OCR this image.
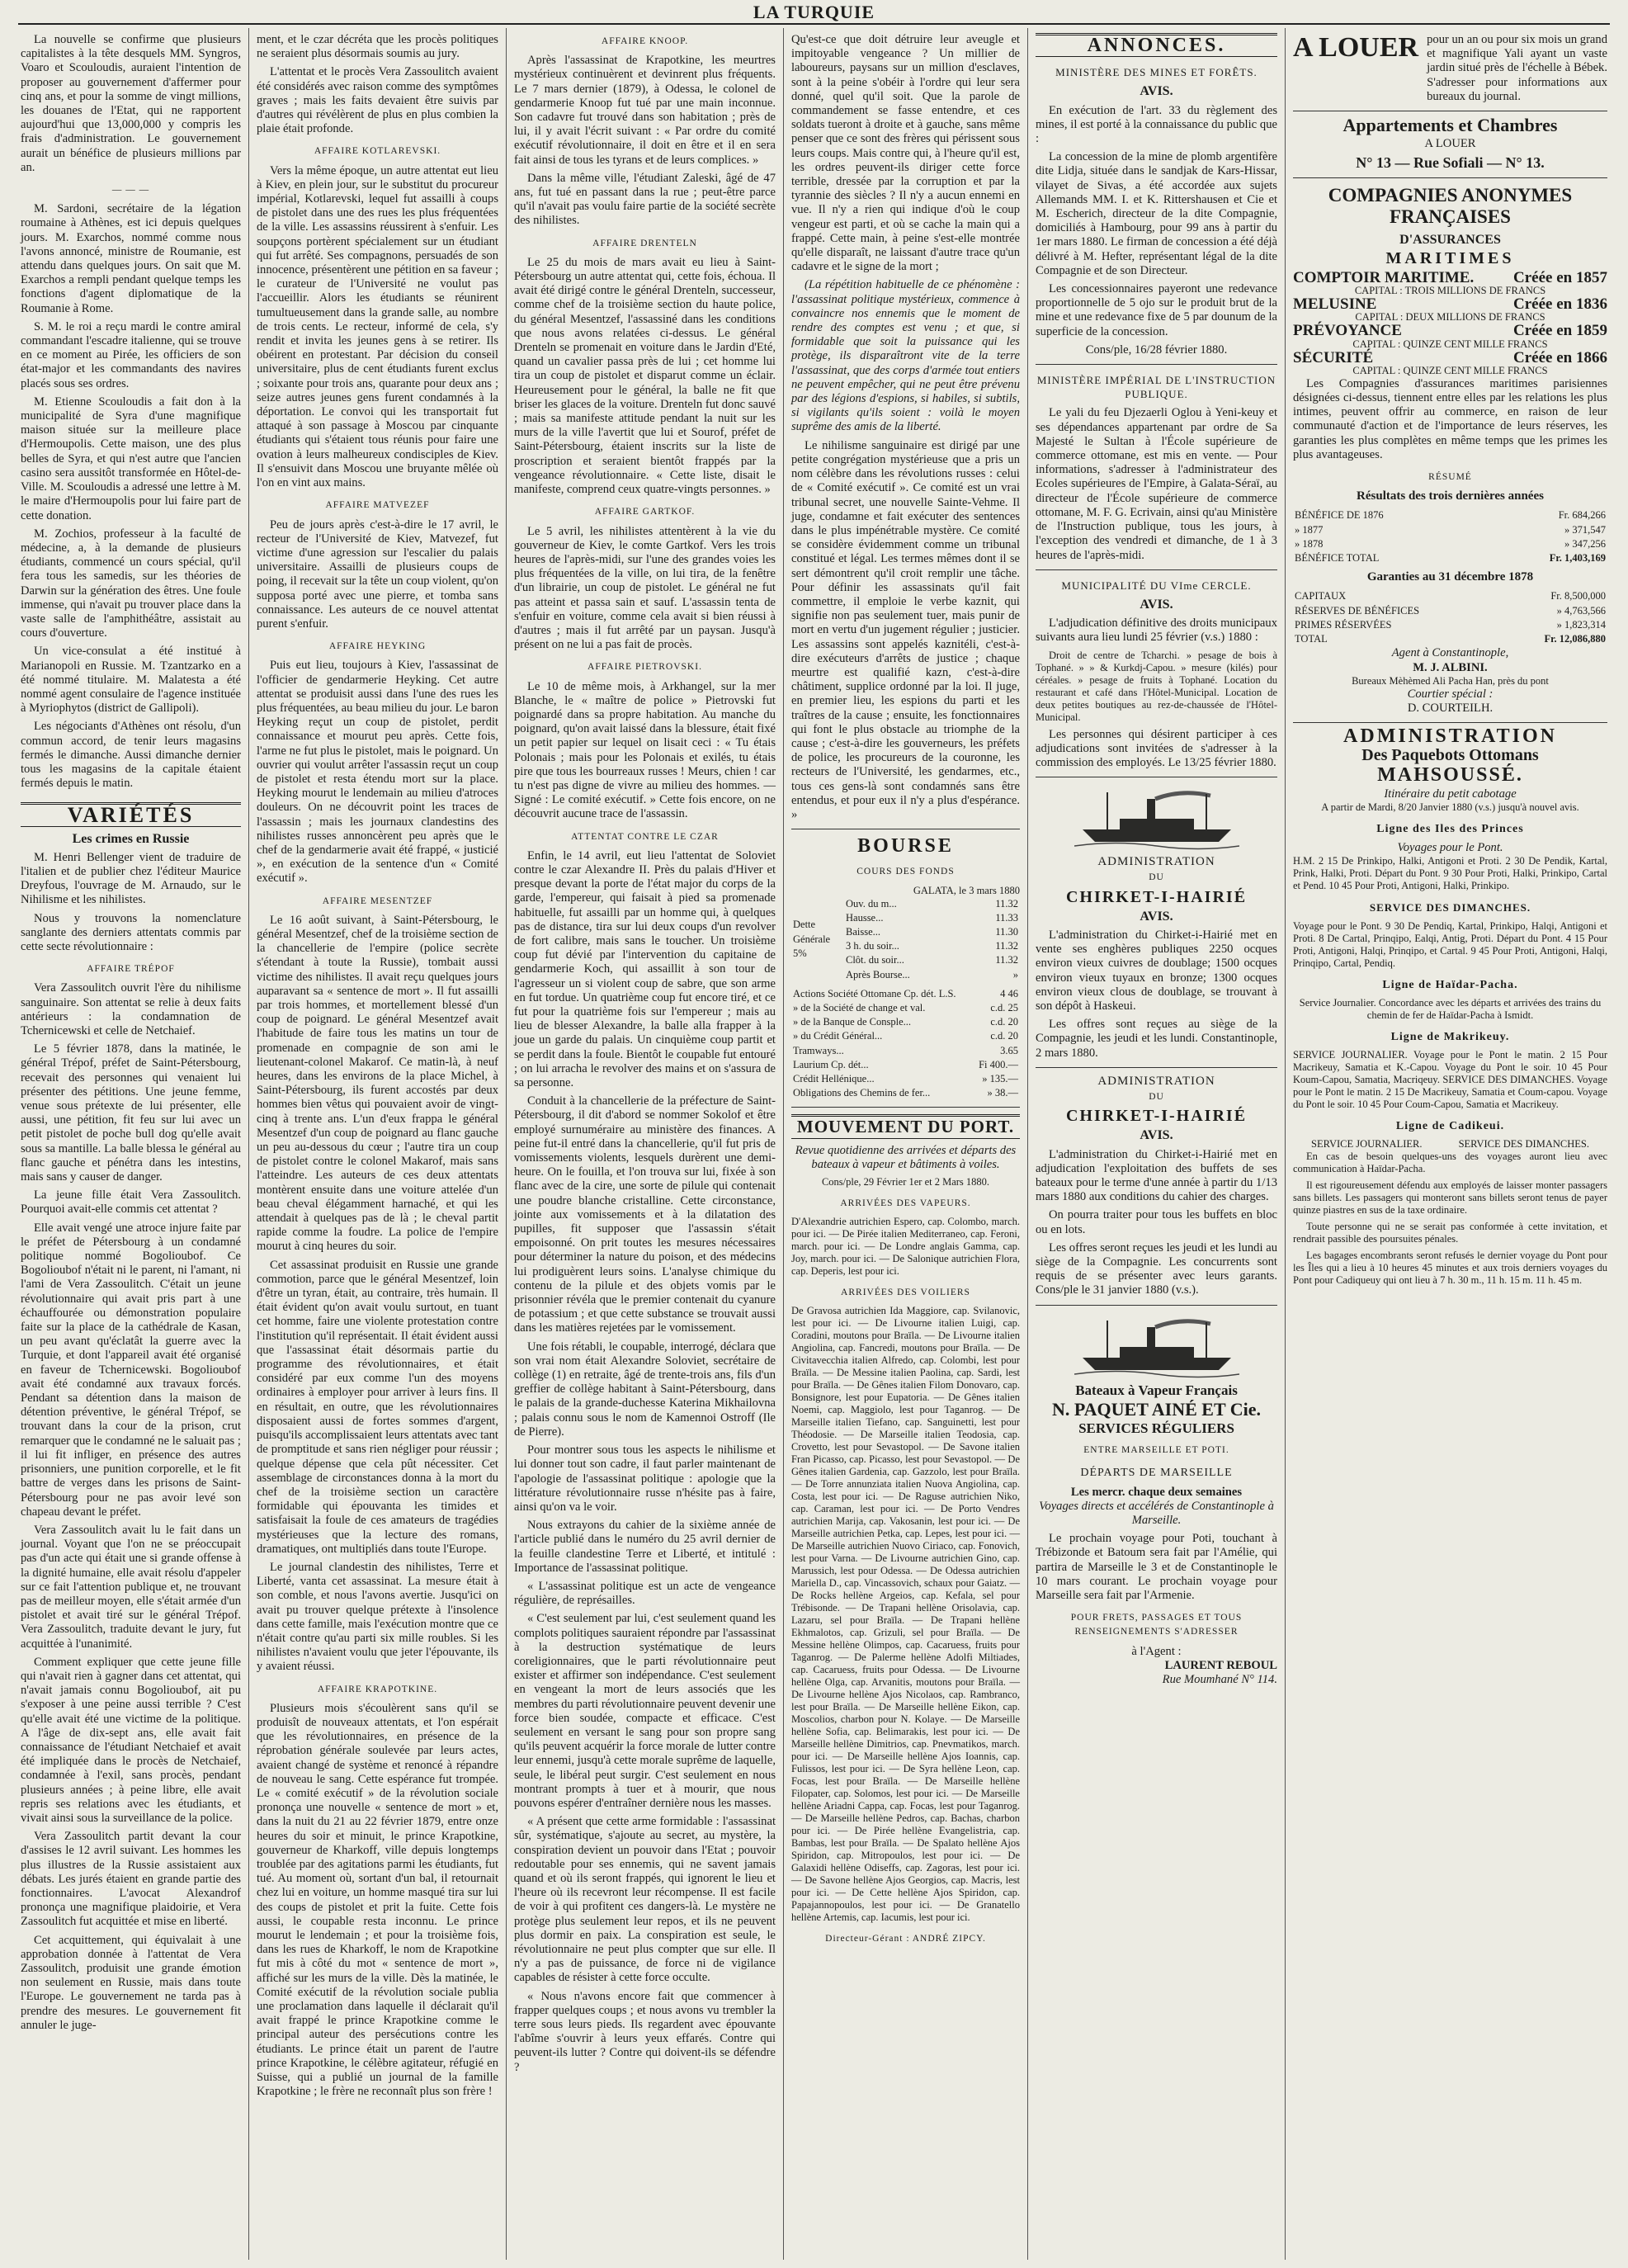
LA TURQUIE

La nouvelle se confirme que plusieurs capitalistes à la tête desquels MM. Syngros, Voaro et Scouloudis, auraient l'intention de proposer au gouvernement d'affermer pour cinq ans, et pour la somme de vingt millions, les douanes de l'Etat, qui ne rapportent aujourd'hui que 13,000,000 y compris les frais d'administration. Le gouvernement aurait un bénéfice de plusieurs millions par an.

— — —

M. Sardoni, secrétaire de la légation roumaine à Athènes, est ici depuis quelques jours. M. Exarchos, nommé comme nous l'avons annoncé, ministre de Roumanie, est attendu dans quelques jours. On sait que M. Exarchos a rempli pendant quelque temps les fonctions d'agent diplomatique de la Roumanie à Rome.

S. M. le roi a reçu mardi le contre amiral commandant l'escadre italienne, qui se trouve en ce moment au Pirée, les officiers de son état-major et les commandants des navires placés sous ses ordres.

M. Etienne Scouloudis a fait don à la municipalité de Syra d'une magnifique maison située sur la meilleure place d'Hermoupolis. Cette maison, une des plus belles de Syra, et qui n'est autre que l'ancien casino sera aussitôt transformée en Hôtel-de-Ville. M. Scouloudis a adressé une lettre à M. le maire d'Hermoupolis pour lui faire part de cette donation.

M. Zochios, professeur à la faculté de médecine, a, à la demande de plusieurs étudiants, commencé un cours spécial, qu'il fera tous les samedis, sur les théories de Darwin sur la génération des êtres. Une foule immense, qui n'avait pu trouver place dans la vaste salle de l'amphithéâtre, assistait au cours d'ouverture.

Un vice-consulat a été institué à Marianopoli en Russie. M. Tzantzarko en a été nommé titulaire. M. Malatesta a été nommé agent consulaire de l'agence instituée à Myriophytos (district de Gallipoli).

Les négociants d'Athènes ont résolu, d'un commun accord, de tenir leurs magasins fermés le dimanche. Aussi dimanche dernier tous les magasins de la capitale étaient fermés depuis le matin.

VARIÉTÉS
Les crimes en Russie

M. Henri Bellenger vient de traduire de l'italien et de publier chez l'éditeur Maurice Dreyfous, l'ouvrage de M. Arnaudo, sur le Nihilisme et les nihilistes.

Nous y trouvons la nomenclature sanglante des derniers attentats commis par cette secte révolutionnaire :

AFFAIRE TRÉPOF

Vera Zassoulitch ouvrit l'ère du nihilisme sanguinaire. Son attentat se relie à deux faits antérieurs : la condamnation de Tchernicewski et celle de Netchaief.

Le 5 février 1878, dans la matinée, le général Trépof, préfet de Saint-Pétersbourg, recevait des personnes qui venaient lui présenter des pétitions. Une jeune femme, venue sous prétexte de lui présenter, elle aussi, une pétition, fit feu sur lui avec un petit pistolet de poche bull dog qu'elle avait sous sa mantille. La balle blessa le général au flanc gauche et pénétra dans les intestins, mais sans y causer de danger.

La jeune fille était Vera Zassoulitch. Pourquoi avait-elle commis cet attentat ?

Elle avait vengé une atroce injure faite par le préfet de Pétersbourg à un condamné politique nommé Bogolioubof. Ce Bogolioubof n'était ni le parent, ni l'amant, ni l'ami de Vera Zassoulitch. C'était un jeune révolutionnaire qui avait pris part à une échauffourée ou démonstration populaire faite sur la place de la cathédrale de Kasan, un peu avant qu'éclatât la guerre avec la Turquie, et dont l'appareil avait été organisé en faveur de Tchernicewski. Bogolioubof avait été condamné aux travaux forcés. Pendant sa détention dans la maison de détention préventive, le général Trépof, se trouvant dans la cour de la prison, crut remarquer que le condamné ne le saluait pas ; il lui fit infliger, en présence des autres prisonniers, une punition corporelle, et le fit battre de verges dans les prisons de Saint-Pétersbourg pour ne pas avoir levé son chapeau devant le préfet.

Vera Zassoulitch avait lu le fait dans un journal. Voyant que l'on ne se préoccupait pas d'un acte qui était une si grande offense à la dignité humaine, elle avait résolu d'appeler sur ce fait l'attention publique et, ne trouvant pas de meilleur moyen, elle s'était armée d'un pistolet et avait tiré sur le général Trépof. Vera Zassoulitch, traduite devant le jury, fut acquittée à l'unanimité.

Comment expliquer que cette jeune fille qui n'avait rien à gagner dans cet attentat, qui n'avait jamais connu Bogolioubof, ait pu s'exposer à une peine aussi terrible ? C'est qu'elle avait été une victime de la politique. A l'âge de dix-sept ans, elle avait fait connaissance de l'étudiant Netchaief et avait été impliquée dans le procès de Netchaief, condamnée à l'exil, sans procès, pendant plusieurs années ; à peine libre, elle avait repris ses relations avec les étudiants, et vivait ainsi sous la surveillance de la police.

Vera Zassoulitch partit devant la cour d'assises le 12 avril suivant. Les hommes les plus illustres de la Russie assistaient aux débats. Les jurés étaient en grande partie des fonctionnaires. L'avocat Alexandrof prononça une magnifique plaidoirie, et Vera Zassoulitch fut acquittée et mise en liberté.

Cet acquittement, qui équivalait à une approbation donnée à l'attentat de Vera Zassoulitch, produisit une grande émotion non seulement en Russie, mais dans toute l'Europe. Le gouvernement ne tarda pas à prendre des mesures. Le gouvernement fit annuler le juge-

ment, et le czar décréta que les procès politiques ne seraient plus désormais soumis au jury.

L'attentat et le procès Vera Zassoulitch avaient été considérés avec raison comme des symptômes graves ; mais les faits devaient être suivis par d'autres qui révélèrent de plus en plus combien la plaie était profonde.

AFFAIRE KOTLAREVSKI.

Vers la même époque, un autre attentat eut lieu à Kiev, en plein jour, sur le substitut du procureur impérial, Kotlarevski, lequel fut assailli à coups de pistolet dans une des rues les plus fréquentées de la ville. Les assassins réussirent à s'enfuir. Les soupçons portèrent spécialement sur un étudiant qui fut arrêté. Ses compagnons, persuadés de son innocence, présentèrent une pétition en sa faveur ; le curateur de l'Université ne voulut pas l'accueillir. Alors les étudiants se réunirent tumultueusement dans la grande salle, au nombre de trois cents. Le recteur, informé de cela, s'y rendit et invita les jeunes gens à se retirer. Ils obéirent en protestant. Par décision du conseil universitaire, plus de cent étudiants furent exclus ; soixante pour trois ans, quarante pour deux ans ; seize autres jeunes gens furent condamnés à la déportation. Le convoi qui les transportait fut attaqué à son passage à Moscou par cinquante étudiants qui s'étaient tous réunis pour faire une ovation à leurs malheureux condisciples de Kiev. Il s'ensuivit dans Moscou une bruyante mêlée où l'on en vint aux mains.

AFFAIRE MATVEZEF

Peu de jours après c'est-à-dire le 17 avril, le recteur de l'Université de Kiev, Matvezef, fut victime d'une agression sur l'escalier du palais universitaire. Assailli de plusieurs coups de poing, il recevait sur la tête un coup violent, qu'on supposa porté avec une pierre, et tomba sans connaissance. Les auteurs de ce nouvel attentat purent s'enfuir.

AFFAIRE HEYKING

Puis eut lieu, toujours à Kiev, l'assassinat de l'officier de gendarmerie Heyking. Cet autre attentat se produisit aussi dans l'une des rues les plus fréquentées, au beau milieu du jour. Le baron Heyking reçut un coup de pistolet, perdit connaissance et mourut peu après. Cette fois, l'arme ne fut plus le pistolet, mais le poignard. Un ouvrier qui voulut arrêter l'assassin reçut un coup de pistolet et resta étendu mort sur la place. Heyking mourut le lendemain au milieu d'atroces douleurs. On ne découvrit point les traces de l'assassin ; mais les journaux clandestins des nihilistes russes annoncèrent peu après que le chef de la gendarmerie avait été frappé, « justicié », en exécution de la sentence d'un « Comité exécutif ».

AFFAIRE MESENTZEF

Le 16 août suivant, à Saint-Pétersbourg, le général Mesentzef, chef de la troisième section de la chancellerie de l'empire (police secrète s'étendant à toute la Russie), tombait aussi victime des nihilistes. Il avait reçu quelques jours auparavant sa « sentence de mort ». Il fut assailli par trois hommes, et mortellement blessé d'un coup de poignard. Le général Mesentzef avait l'habitude de faire tous les matins un tour de promenade en compagnie de son ami le lieutenant-colonel Makarof. Ce matin-là, à neuf heures, dans les environs de la place Michel, à Saint-Pétersbourg, ils furent accostés par deux hommes bien vêtus qui pouvaient avoir de vingt-cinq à trente ans. L'un d'eux frappa le général Mesentzef d'un coup de poignard au flanc gauche un peu au-dessous du cœur ; l'autre tira un coup de pistolet contre le colonel Makarof, mais sans l'atteindre. Les auteurs de ces deux attentats montèrent ensuite dans une voiture attelée d'un beau cheval élégamment harnaché, et qui les attendait à quelques pas de là ; le cheval partit rapide comme la foudre. La police de l'empire mourut à cinq heures du soir.

Cet assassinat produisit en Russie une grande commotion, parce que le général Mesentzef, loin d'être un tyran, était, au contraire, très humain. Il était évident qu'on avait voulu surtout, en tuant cet homme, faire une violente protestation contre l'institution qu'il représentait. Il était évident aussi que l'assassinat était désormais partie du programme des révolutionnaires, et était considéré par eux comme l'un des moyens ordinaires à employer pour arriver à leurs fins. Il en résultait, en outre, que les révolutionnaires disposaient aussi de fortes sommes d'argent, puisqu'ils accomplissaient leurs attentats avec tant de promptitude et sans rien négliger pour réussir ; quelque dépense que cela pût nécessiter. Cet assemblage de circonstances donna à la mort du chef de la troisième section un caractère formidable qui épouvanta les timides et satisfaisait la foule de ces amateurs de tragédies mystérieuses que la lecture des romans, dramatiques, ont multipliés dans toute l'Europe.

Le journal clandestin des nihilistes, Terre et Liberté, vanta cet assassinat. La mesure était à son comble, et nous l'avons avertie. Jusqu'ici on avait pu trouver quelque prétexte à l'insolence dans cette famille, mais l'exécution montre que ce n'était contre qu'au parti six mille roubles. Si les nihilistes n'avaient voulu que jeter l'épouvante, ils y avaient réussi.

AFFAIRE KRAPOTKINE.

Plusieurs mois s'écoulèrent sans qu'il se produisît de nouveaux attentats, et l'on espérait que les révolutionnaires, en présence de la réprobation générale soulevée par leurs actes, avaient changé de système et renoncé à répandre de nouveau le sang. Cette espérance fut trompée. Le « comité exécutif » de la révolution sociale prononça une nouvelle « sentence de mort » et, dans la nuit du 21 au 22 février 1879, entre onze heures du soir et minuit, le prince Krapotkine, gouverneur de Kharkoff, ville depuis longtemps troublée par des agitations parmi les étudiants, fut tué. Au moment où, sortant d'un bal, il retournait chez lui en voiture, un homme masqué tira sur lui des coups de pistolet et prit la fuite. Cette fois aussi, le coupable resta inconnu. Le prince mourut le lendemain ; et pour la troisième fois, dans les rues de Kharkoff, le nom de Krapotkine fut mis à côté du mot « sentence de mort », affiché sur les murs de la ville. Dès la matinée, le Comité exécutif de la révolution sociale publia une proclamation dans laquelle il déclarait qu'il avait frappé le prince Krapotkine comme le principal auteur des persécutions contre les étudiants. Le prince était un parent de l'autre prince Krapotkine, le célèbre agitateur, réfugié en Suisse, qui a publié un journal de la famille Krapotkine ; le frère ne reconnaît plus son frère !

AFFAIRE KNOOP.

Après l'assassinat de Krapotkine, les meurtres mystérieux continuèrent et devinrent plus fréquents. Le 7 mars dernier (1879), à Odessa, le colonel de gendarmerie Knoop fut tué par une main inconnue. Son cadavre fut trouvé dans son habitation ; près de lui, il y avait l'écrit suivant : « Par ordre du comité exécutif révolutionnaire, il doit en être et il en sera fait ainsi de tous les tyrans et de leurs complices. »

Dans la même ville, l'étudiant Zaleski, âgé de 47 ans, fut tué en passant dans la rue ; peut-être parce qu'il n'avait pas voulu faire partie de la société secrète des nihilistes.

AFFAIRE DRENTELN

Le 25 du mois de mars avait eu lieu à Saint-Pétersbourg un autre attentat qui, cette fois, échoua. Il avait été dirigé contre le général Drenteln, successeur, comme chef de la troisième section du haute police, du général Mesentzef, l'assassiné dans les conditions que nous avons relatées ci-dessus. Le général Drenteln se promenait en voiture dans le Jardin d'Eté, quand un cavalier passa près de lui ; cet homme lui tira un coup de pistolet et disparut comme un éclair. Heureusement pour le général, la balle ne fit que briser les glaces de la voiture. Drenteln fut donc sauvé ; mais sa manifeste attitude pendant la nuit sur les murs de la ville l'avertit que lui et Sourof, préfet de Saint-Pétersbourg, étaient inscrits sur la liste de proscription et seraient bientôt frappés par la vengeance révolutionnaire. « Cette liste, disait le manifeste, comprend ceux quatre-vingts personnes. »

AFFAIRE GARTKOF.

Le 5 avril, les nihilistes attentèrent à la vie du gouverneur de Kiev, le comte Gartkof. Vers les trois heures de l'après-midi, sur l'une des grandes voies les plus fréquentées de la ville, on lui tira, de la fenêtre d'un librairie, un coup de pistolet. Le général ne fut pas atteint et passa sain et sauf. L'assassin tenta de s'enfuir en voiture, comme cela avait si bien réussi à d'autres ; mais il fut arrêté par un paysan. Jusqu'à présent on ne lui a pas fait de procès.

AFFAIRE PIETROVSKI.

Le 10 de même mois, à Arkhangel, sur la mer Blanche, le « maître de police » Pietrovski fut poignardé dans sa propre habitation. Au manche du poignard, qu'on avait laissé dans la blessure, était fixé un petit papier sur lequel on lisait ceci : « Tu étais Polonais ; mais pour les Polonais et exilés, tu étais pire que tous les bourreaux russes ! Meurs, chien ! car tu n'est pas digne de vivre au milieu des hommes. — Signé : Le comité exécutif. » Cette fois encore, on ne découvrit aucune trace de l'assassin.

ATTENTAT CONTRE LE CZAR

Enfin, le 14 avril, eut lieu l'attentat de Soloviet contre le czar Alexandre II. Près du palais d'Hiver et presque devant la porte de l'état major du corps de la garde, l'empereur, qui faisait à pied sa promenade habituelle, fut assailli par un homme qui, à quelques pas de distance, tira sur lui deux coups d'un revolver de fort calibre, mais sans le toucher. Un troisième coup fut dévié par l'intervention du capitaine de gendarmerie Koch, qui assaillit à son tour de l'agresseur un si violent coup de sabre, que son arme en fut tordue. Un quatrième coup fut encore tiré, et ce fut pour la quatrième fois sur l'empereur ; mais au lieu de blesser Alexandre, la balle alla frapper à la joue un garde du palais. Un cinquième coup partit et se perdit dans la foule. Bientôt le coupable fut entouré ; on lui arracha le revolver des mains et on s'assura de sa personne.

Conduit à la chancellerie de la préfecture de Saint-Pétersbourg, il dit d'abord se nommer Sokolof et être employé surnuméraire au ministère des finances. A peine fut-il entré dans la chancellerie, qu'il fut pris de vomissements violents, lesquels durèrent une demi-heure. On le fouilla, et l'on trouva sur lui, fixée à son flanc avec de la cire, une sorte de pilule qui contenait une poudre blanche cristalline. Cette circonstance, jointe aux vomissements et à la dilatation des pupilles, fit supposer que l'assassin s'était empoisonné. On prit toutes les mesures nécessaires pour déterminer la nature du poison, et des médecins lui prodiguèrent leurs soins. L'analyse chimique du contenu de la pilule et des objets vomis par le prisonnier révéla que le premier contenait du cyanure de potassium ; et que cette substance se trouvait aussi dans les matières rejetées par le vomissement.

Une fois rétabli, le coupable, interrogé, déclara que son vrai nom était Alexandre Soloviet, secrétaire de collège (1) en retraite, âgé de trente-trois ans, fils d'un greffier de collège habitant à Saint-Pétersbourg, dans le palais de la grande-duchesse Katerina Mikhailovna ; palais connu sous le nom de Kamennoi Ostroff (Ile de Pierre).

Pour montrer sous tous les aspects le nihilisme et lui donner tout son cadre, il faut parler maintenant de l'apologie de l'assassinat politique : apologie que la littérature révolutionnaire russe n'hésite pas à faire, ainsi qu'on va le voir.

Nous extrayons du cahier de la sixième année de l'article publié dans le numéro du 25 avril dernier de la feuille clandestine Terre et Liberté, et intitulé : Importance de l'assassinat politique.

« L'assassinat politique est un acte de vengeance régulière, de représailles.

« C'est seulement par lui, c'est seulement quand les complots politiques sauraient répondre par l'assassinat à la destruction systématique de leurs coreligionnaires, que le parti révolutionnaire peut exister et affirmer son indépendance. C'est seulement en vengeant la mort de leurs associés que les membres du parti révolutionnaire peuvent devenir une force bien soudée, compacte et efficace. C'est seulement en versant le sang pour son propre sang qu'ils peuvent acquérir la force morale de lutter contre leur ennemi, jusqu'à cette morale suprême de laquelle, seule, le libéral peut surgir. C'est seulement en nous montrant prompts à tuer et à mourir, que nous pouvons espérer d'entraîner dernière nous les masses.

« A présent que cette arme formidable : l'assassinat sûr, systématique, s'ajoute au secret, au mystère, la conspiration devient un pouvoir dans l'Etat ; pouvoir redoutable pour ses ennemis, qui ne savent jamais quand et où ils seront frappés, qui ignorent le lieu et l'heure où ils recevront leur récompense. Il est facile de voir à qui profitent ces dangers-là. Le mystère ne protège plus seulement leur repos, et ils ne peuvent plus dormir en paix. La conspiration est seule, le révolutionnaire ne peut plus compter que sur elle. Il n'y a pas de puissance, de force ni de vigilance capables de résister à cette force occulte.

« Nous n'avons encore fait que commencer à frapper quelques coups ; et nous avons vu trembler la terre sous leurs pieds. Ils regardent avec épouvante l'abîme s'ouvrir à leurs yeux effarés. Contre qui peuvent-ils lutter ? Contre qui doivent-ils se défendre ?

Qu'est-ce que doit détruire leur aveugle et impitoyable vengeance ? Un millier de laboureurs, paysans sur un million d'esclaves, sont à la peine s'obéir à l'ordre qui leur sera donné, quel qu'il soit. Que la parole de commandement se fasse entendre, et ces soldats tueront à droite et à gauche, sans même penser que ce sont des frères qui périssent sous leurs coups. Mais contre qui, à l'heure qu'il est, les ordres peuvent-ils diriger cette force terrible, dressée par la corruption et par la tyrannie des siècles ? Il n'y a aucun ennemi en vue. Il n'y a rien qui indique d'où le coup vengeur est parti, et où se cache la main qui a frappé. Cette main, à peine s'est-elle montrée qu'elle disparaît, ne laissant d'autre trace qu'un cadavre et le signe de la mort ;

(La répétition habituelle de ce phénomène : l'assassinat politique mystérieux, commence à convaincre nos ennemis que le moment de rendre des comptes est venu ; et que, si formidable que soit la puissance qui les protège, ils disparaîtront vite de la terre l'assassinat, que des corps d'armée tout entiers ne peuvent empêcher, qui ne peut être prévenu par des légions d'espions, si habiles, si subtils, si vigilants qu'ils soient : voilà le moyen suprême des amis de la liberté.

Le nihilisme sanguinaire est dirigé par une petite congrégation mystérieuse que a pris un nom célèbre dans les révolutions russes : celui de « Comité exécutif ». Ce comité est un vrai tribunal secret, une nouvelle Sainte-Vehme. Il juge, condamne et fait exécuter des sentences dans le plus impénétrable mystère. Ce comité se considère évidemment comme un tribunal constitué et légal. Les termes mêmes dont il se sert démontrent qu'il croit remplir une tâche. Pour définir les assassinats qu'il fait commettre, il emploie le verbe kaznit, qui signifie non pas seulement tuer, mais punir de mort en vertu d'un jugement régulier ; justicier. Les assassins sont appelés kaznitéli, c'est-à-dire exécuteurs d'arrêts de justice ; chaque meurtre est qualifié kazn, c'est-à-dire châtiment, supplice ordonné par la loi. Il juge, en premier lieu, les espions du parti et les traîtres de la cause ; ensuite, les fonctionnaires qui font le plus obstacle au triomphe de la cause ; c'est-à-dire les gouverneurs, les préfets de police, les procureurs de la couronne, les recteurs de l'Université, les gendarmes, etc., tous ces gens-là sont condamnés sans être entendus, et pour eux il n'y a plus d'espérance. »

BOURSE
COURS DES FONDS
GALATA, le 3 mars 1880
Dette Générale 5%	Ouv. du m...	11.32
	Hausse...	11.33
	Baisse...	11.30
	3 h. du soir...	11.32
	Clôt. du soir...	11.32
	Après Bourse...	»
Actions Société Ottomane Cp. dét. L.S.	4 46
» de la Société de change et val.	c.d. 25
» de la Banque de Consple...	c.d. 20
» du Crédit Général...	c.d. 20
Tramways...	3.65
Laurium Cp. dét...	Fi 400.—
Crédit Hellénique...	» 135.—
Obligations des Chemins de fer...	» 38.—
MOUVEMENT DU PORT.

Revue quotidienne des arrivées et départs des bateaux à vapeur et bâtiments à voiles.

Cons/ple, 29 Février 1er et 2 Mars 1880.

ARRIVÉES DES VAPEURS.

D'Alexandrie autrichien Espero, cap. Colombo, march. pour ici. — De Pirée italien Mediterraneo, cap. Feroni, march. pour ici. — De Londre anglais Gamma, cap. Joy, march. pour ici. — De Salonique autrichien Flora, cap. Deperis, lest pour ici.

ARRIVÉES DES VOILIERS

De Gravosa autrichien Ida Maggiore, cap. Svilanovic, lest pour ici. — De Livourne italien Luigi, cap. Coradini, moutons pour Braïla. — De Livourne italien Angiolina, cap. Fancredi, moutons pour Braïla. — De Civitavecchia italien Alfredo, cap. Colombi, lest pour Braïla. — De Messine italien Paolina, cap. Sardi, lest pour Braïla. — De Gênes italien Filom Donovaro, cap. Bonsignore, lest pour Eupatoria. — De Gênes italien Noemi, cap. Maggiolo, lest pour Taganrog. — De Marseille italien Tiefano, cap. Sanguinetti, lest pour Théodosie. — De Marseille italien Teodosia, cap. Crovetto, lest pour Sevastopol. — De Savone italien Fran Picasso, cap. Picasso, lest pour Sevastopol. — De Gênes italien Gardenia, cap. Gazzolo, lest pour Braïla. — De Torre annunziata italien Nuova Angiolina, cap. Costa, lest pour ici. — De Raguse autrichien Niko, cap. Caraman, lest pour ici. — De Porto Vendres autrichien Marija, cap. Vakosanin, lest pour ici. — De Marseille autrichien Petka, cap. Lepes, lest pour ici. — De Marseille autrichien Nuovo Ciriaco, cap. Fonovich, lest pour Varna. — De Livourne autrichien Gino, cap. Marussich, lest pour Odessa. — De Odessa autrichien Mariella D., cap. Vincassovich, schaux pour Gaiatz. — De Rocks hellène Argeios, cap. Kefala, sel pour Trébisonde. — De Trapani hellène Orisolavia, cap. Lazaru, sel pour Braïla. — De Trapani hellène Ekhmalotos, cap. Grizuli, sel pour Braïla. — De Messine hellène Olimpos, cap. Cacaruess, fruits pour Taganrog. — De Palerme hellène Adolfi Miltiades, cap. Cacaruess, fruits pour Odessa. — De Livourne hellène Olga, cap. Arvanitis, moutons pour Braïla. — De Livourne hellène Ajos Nicolaos, cap. Rambranco, lest pour Braïla. — De Marseille hellène Eikon, cap. Moscolios, charbon pour N. Kolaye. — De Marseille hellène Sofia, cap. Belimarakis, lest pour ici. — De Marseille hellène Dimitrios, cap. Pnevmatikos, march. pour ici. — De Marseille hellène Ajos Ioannis, cap. Fulissos, lest pour ici. — De Syra hellène Leon, cap. Focas, lest pour Braïla. — De Marseille hellène Filopater, cap. Solomos, lest pour ici. — De Marseille hellène Ariadni Cappa, cap. Focas, lest pour Taganrog. — De Marseille hellène Pedros, cap. Bachas, charbon pour ici. — De Pirée hellène Evangelistria, cap. Bambas, lest pour Braïla. — De Spalato hellène Ajos Spiridon, cap. Mitropoulos, lest pour ici. — De Galaxidi hellène Odiseffs, cap. Zagoras, lest pour ici. — De Savone hellène Ajos Georgios, cap. Macris, lest pour ici. — De Cette hellène Ajos Spiridon, cap. Papajannopoulos, lest pour ici. — De Granatello hellène Artemis, cap. Iacumis, lest pour ici.

Directeur-Gérant : ANDRÉ ZIPCY.
ANNONCES.
MINISTÈRE DES MINES ET FORÊTS.
AVIS.

En exécution de l'art. 33 du règlement des mines, il est porté à la connaissance du public que :

La concession de la mine de plomb argentifère dite Lidja, située dans le sandjak de Kars-Hissar, vilayet de Sivas, a été accordée aux sujets Allemands MM. I. et K. Rittershausen et Cie et M. Escherich, directeur de la dite Compagnie, domiciliés à Hambourg, pour 99 ans à partir du 1er mars 1880. Le firman de concession a été déjà délivré à M. Hefter, représentant légal de la dite Compagnie et de son Directeur.

Les concessionnaires payeront une redevance proportionnelle de 5 ojo sur le produit brut de la mine et une redevance fixe de 5 par dounum de la superficie de la concession.

Cons/ple, 16/28 février 1880.

MINISTÈRE IMPÉRIAL DE L'INSTRUCTION PUBLIQUE.

Le yali du feu Djezaerli Oglou à Yeni-keuy et ses dépendances appartenant par ordre de Sa Majesté le Sultan à l'École supérieure de commerce ottomane, est mis en vente. — Pour informations, s'adresser à l'administrateur des Ecoles supérieures de l'Empire, à Galata-Séraï, au directeur de l'École supérieure de commerce ottomane, M. F. G. Ecrivain, ainsi qu'au Ministère de l'Instruction publique, tous les jours, à l'exception des vendredi et dimanche, de 1 à 3 heures de l'après-midi.

MUNICIPALITÉ DU VIme CERCLE.
AVIS.

L'adjudication définitive des droits municipaux suivants aura lieu lundi 25 février (v.s.) 1880 :

Droit de centre de Tcharchi. » pesage de bois à Tophané. » » & Kurkdj-Capou. » mesure (kilés) pour céréales. » pesage de fruits à Tophané. Location du restaurant et café dans l'Hôtel-Municipal. Location de deux petites boutiques au rez-de-chaussée de l'Hôtel-Municipal.

Les personnes qui désirent participer à ces adjudications sont invitées de s'adresser à la commission des employés. Le 13/25 février 1880.

ADMINISTRATION
DU
CHIRKET-I-HAIRIÉ
AVIS.

L'administration du Chirket-i-Hairié met en vente ses enghères publiques 2250 ocques environ vieux cuivres de doublage; 1500 ocques environ vieux tuyaux en bronze; 1300 ocques environ vieux clous de doublage, se trouvant à son dépôt à Haskeui.

Les offres sont reçues au siège de la Compagnie, les jeudi et les lundi. Constantinople, 2 mars 1880.

ADMINISTRATION
DU
CHIRKET-I-HAIRIÉ
AVIS.

L'administration du Chirket-i-Hairié met en adjudication l'exploitation des buffets de ses bateaux pour le terme d'une année à partir du 1/13 mars 1880 aux conditions du cahier des charges.

On pourra traiter pour tous les buffets en bloc ou en lots.

Les offres seront reçues les jeudi et les lundi au siège de la Compagnie. Les concurrents sont requis de se présenter avec leurs garants. Cons/ple le 31 janvier 1880 (v.s.).

Bateaux à Vapeur Français
N. PAQUET AINÉ ET Cie.
SERVICES RÉGULIERS
ENTRE MARSEILLE ET POTI.
DÉPARTS DE MARSEILLE
Les mercr. chaque deux semaines

Voyages directs et accélérés de Constantinople à Marseille.

Le prochain voyage pour Poti, touchant à Trébizonde et Batoum sera fait par l'Amélie, qui partira de Marseille le 3 et de Constantinople le 10 mars courant. Le prochain voyage pour Marseille sera fait par l'Armenie.

POUR FRETS, PASSAGES ET TOUS RENSEIGNEMENTS S'ADRESSER
à l'Agent :
LAURENT REBOUL
Rue Moumhané N° 114.
A LOUER pour un an ou pour six mois un grand et magnifique Yali ayant un vaste jardin situé près de l'échelle à Bébek. S'adresser pour informations aux bureaux du journal.
Appartements et Chambres
A LOUER
N° 13 — Rue Sofiali — N° 13.
COMPAGNIES ANONYMES FRANÇAISES
D'ASSURANCES
MARITIMES
COMPTOIR MARITIME.	Créée en 1857
CAPITAL : TROIS MILLIONS DE FRANCS
MELUSINE	Créée en 1836
CAPITAL : DEUX MILLIONS DE FRANCS
PRÉVOYANCE	Créée en 1859
CAPITAL : QUINZE CENT MILLE FRANCS
SÉCURITÉ	Créée en 1866
CAPITAL : QUINZE CENT MILLE FRANCS

Les Compagnies d'assurances maritimes parisiennes désignées ci-dessus, tiennent entre elles par les relations les plus intimes, peuvent offrir au commerce, en raison de leur communauté d'action et de l'importance de leurs réserves, les garanties les plus complètes en même temps que les primes les plus avantageuses.

RÉSUMÉ
Résultats des trois dernières années
BÉNÉFICE DE 1876	Fr. 684,266
» 1877	» 371,547
» 1878	» 347,256
BÉNÉFICE TOTAL	Fr. 1,403,169
Garanties au 31 décembre 1878
CAPITAUX	Fr. 8,500,000
RÉSERVES DE BÉNÉFICES	» 4,763,566
PRIMES RÉSERVÉES	» 1,823,314
TOTAL	Fr. 12,086,880
Agent à Constantinople,
M. J. ALBINI.
Bureaux Mèhèmed Ali Pacha Han, près du pont
Courtier spécial :
D. COURTEILH.
ADMINISTRATION
Des Paquebots Ottomans
MAHSOUSSÉ.
Itinéraire du petit cabotage
A partir de Mardi, 8/20 Janvier 1880 (v.s.) jusqu'à nouvel avis.
Ligne des Iles des Princes
Voyages pour le Pont.

H.M. 2 15 De Prinkipo, Halki, Antigoni et Proti. 2 30 De Pendik, Kartal, Prink, Halki, Proti. Départ du Pont. 9 30 Pour Proti, Halki, Prinkipo, Cartal et Pend. 10 45 Pour Proti, Antigoni, Halki, Prinkipo.

SERVICE DES DIMANCHES.

Voyage pour le Pont. 9 30 De Pendiq, Kartal, Prinkipo, Halqi, Antigoni et Proti. 8 De Cartal, Prinqipo, Ealqi, Antig, Proti. Départ du Pont. 4 15 Pour Proti, Antigoni, Halqi, Prinqipo, et Cartal. 9 45 Pour Proti, Antigoni, Halqi, Prinqipo, Cartal, Pendiq.

Ligne de Haïdar-Pacha.

Service Journalier. Concordance avec les départs et arrivées des trains du chemin de fer de Haïdar-Pacha à Ismidt.

Ligne de Makrikeuy.

SERVICE JOURNALIER. Voyage pour le Pont le matin. 2 15 Pour Macrikeuy, Samatia et K.-Capou. Voyage du Pont le soir. 10 45 Pour Koum-Capou, Samatia, Macriqeuy. SERVICE DES DIMANCHES. Voyage pour le Pont le matin. 2 15 De Macrikeuy, Samatia et Coum-capou. Voyage du Pont le soir. 10 45 Pour Coum-Capou, Samatia et Macrikeuy.

Ligne de Cadikeui.
SERVICE JOURNALIER.	SERVICE DES DIMANCHES.

En cas de besoin quelques-uns des voyages auront lieu avec communication à Haïdar-Pacha.

Il est rigoureusement défendu aux employés de laisser monter passagers sans billets. Les passagers qui monteront sans billets seront tenus de payer quinze piastres en sus de la taxe ordinaire.

Toute personne qui ne se serait pas conformée à cette invitation, et rendrait passible des poursuites pénales.

Les bagages encombrants seront refusés le dernier voyage du Pont pour les Îles qui a lieu à 10 heures 45 minutes et aux trois derniers voyages du Pont pour Cadiqueuy qui ont lieu à 7 h. 30 m., 11 h. 15 m. 11 h. 45 m.
